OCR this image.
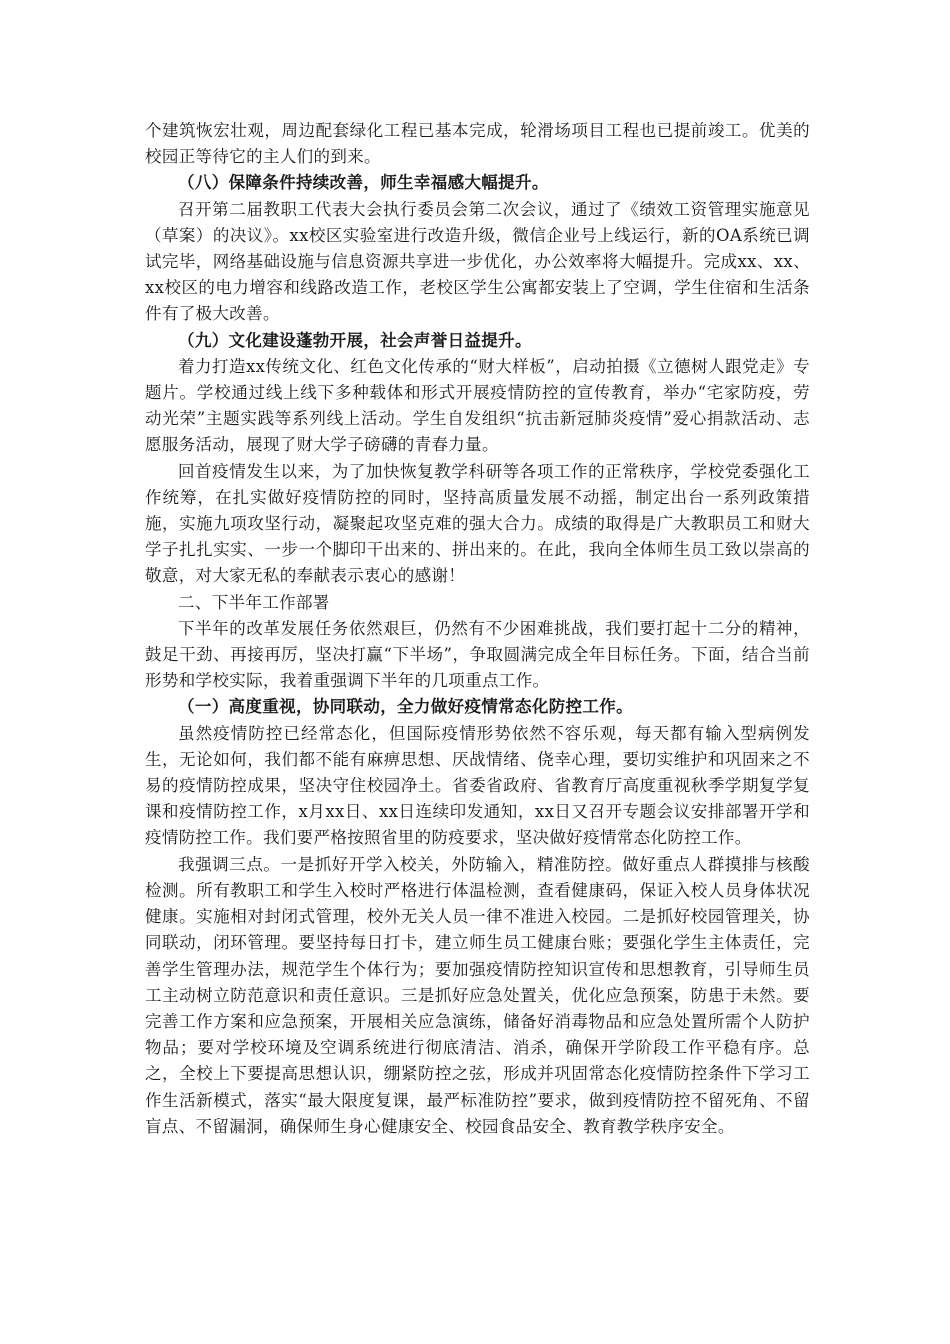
个建筑恢宏壮观，周边配套绿化工程已基本完成，轮滑场项目工程也已提前竣工。优美的校园正等待它的主人们的到来。

（八）保障条件持续改善，师生幸福感大幅提升。

召开第二届教职工代表大会执行委员会第二次会议，通过了《绩效工资管理实施意见（草案）的决议》。xx校区实验室进行改造升级，微信企业号上线运行，新的OA系统已调试完毕，网络基础设施与信息资源共享进一步优化，办公效率将大幅提升。完成xx、xx、xx校区的电力增容和线路改造工作，老校区学生公寓都安装上了空调，学生住宿和生活条件有了极大改善。

（九）文化建设蓬勃开展，社会声誉日益提升。

着力打造xx传统文化、红色文化传承的“财大样板”，启动拍摄《立德树人跟党走》专题片。学校通过线上线下多种载体和形式开展疫情防控的宣传教育，举办“宅家防疫，劳动光荣”主题实践等系列线上活动。学生自发组织“抗击新冠肺炎疫情”爱心捐款活动、志愿服务活动，展现了财大学子磅礴的青春力量。

回首疫情发生以来，为了加快恢复教学科研等各项工作的正常秩序，学校党委强化工作统筹，在扎实做好疫情防控的同时，坚持高质量发展不动摇，制定出台一系列政策措施，实施九项攻坚行动，凝聚起攻坚克难的强大合力。成绩的取得是广大教职员工和财大学子扎扎实实、一步一个脚印干出来的、拼出来的。在此，我向全体师生员工致以崇高的敬意，对大家无私的奉献表示衷心的感谢！

二、下半年工作部署

下半年的改革发展任务依然艰巨，仍然有不少困难挑战，我们要打起十二分的精神，鼓足干劲、再接再厉，坚决打赢“下半场”，争取圆满完成全年目标任务。下面，结合当前形势和学校实际，我着重强调下半年的几项重点工作。

（一）高度重视，协同联动，全力做好疫情常态化防控工作。

虽然疫情防控已经常态化，但国际疫情形势依然不容乐观，每天都有输入型病例发生，无论如何，我们都不能有麻痹思想、厌战情绪、侥幸心理，要切实维护和巩固来之不易的疫情防控成果，坚决守住校园净土。省委省政府、省教育厅高度重视秋季学期复学复课和疫情防控工作，x月xx日、xx日连续印发通知，xx日又召开专题会议安排部署开学和疫情防控工作。我们要严格按照省里的防疫要求，坚决做好疫情常态化防控工作。

我强调三点。一是抓好开学入校关，外防输入，精准防控。做好重点人群摸排与核酸检测。所有教职工和学生入校时严格进行体温检测，查看健康码，保证入校人员身体状况健康。实施相对封闭式管理，校外无关人员一律不准进入校园。二是抓好校园管理关，协同联动，闭环管理。要坚持每日打卡，建立师生员工健康台账；要强化学生主体责任，完善学生管理办法，规范学生个体行为；要加强疫情防控知识宣传和思想教育，引导师生员工主动树立防范意识和责任意识。三是抓好应急处置关，优化应急预案，防患于未然。要完善工作方案和应急预案，开展相关应急演练，储备好消毒物品和应急处置所需个人防护物品；要对学校环境及空调系统进行彻底清洁、消杀，确保开学阶段工作平稳有序。总之，全校上下要提高思想认识，绷紧防控之弦，形成并巩固常态化疫情防控条件下学习工作生活新模式，落实“最大限度复课，最严标准防控”要求，做到疫情防控不留死角、不留盲点、不留漏洞，确保师生身心健康安全、校园食品安全、教育教学秩序安全。
